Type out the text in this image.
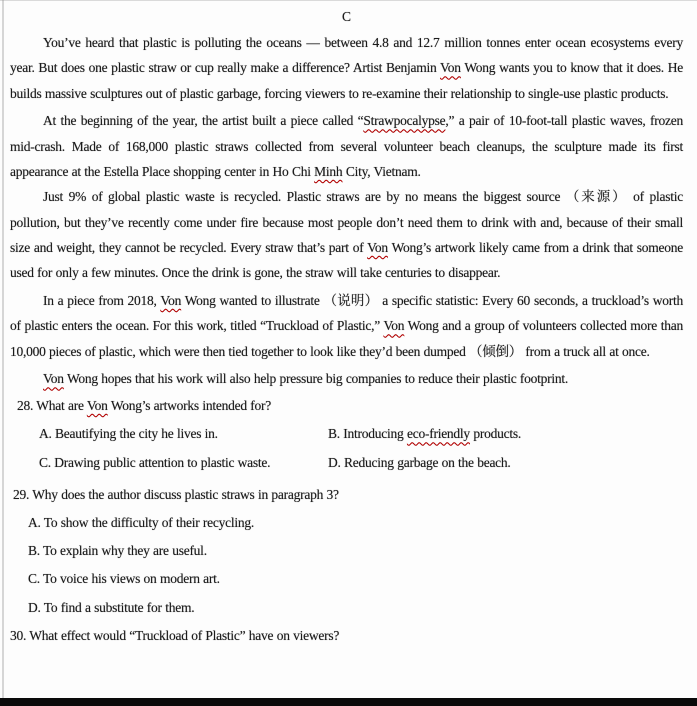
C

You’ve heard that plastic is polluting the oceans — between 4.8 and 12.7 million tonnes enter ocean ecosystems every year. But does one plastic straw or cup really make a difference? Artist Benjamin Von Wong wants you to know that it does. He builds massive sculptures out of plastic garbage, forcing viewers to re-examine their relationship to single-use plastic products.

At the beginning of the year, the artist built a piece called “Strawpocalypse,” a pair of 10-foot-tall plastic waves, frozen mid-crash. Made of 168,000 plastic straws collected from several volunteer beach cleanups, the sculpture made its first appearance at the Estella Place shopping center in Ho Chi Minh City, Vietnam.

Just 9% of global plastic waste is recycled. Plastic straws are by no means the biggest source （来源） of plastic pollution, but they’ve recently come under fire because most people don’t need them to drink with and, because of their small size and weight, they cannot be recycled. Every straw that’s part of Von Wong’s artwork likely came from a drink that someone used for only a few minutes. Once the drink is gone, the straw will take centuries to disappear.

In a piece from 2018, Von Wong wanted to illustrate （说明） a specific statistic: Every 60 seconds, a truckload’s worth of plastic enters the ocean. For this work, titled “Truckload of Plastic,” Von Wong and a group of volunteers collected more than 10,000 pieces of plastic, which were then tied together to look like they’d been dumped （倾倒） from a truck all at once.

Von Wong hopes that his work will also help pressure big companies to reduce their plastic footprint.

28. What are Von Wong’s artworks intended for?
A. Beautifying the city he lives in.	B. Introducing eco-friendly products.
C. Drawing public attention to plastic waste.	D. Reducing garbage on the beach.
29. Why does the author discuss plastic straws in paragraph 3?
A. To show the difficulty of their recycling.
B. To explain why they are useful.
C. To voice his views on modern art.
D. To find a substitute for them.
30. What effect would “Truckload of Plastic” have on viewers?
